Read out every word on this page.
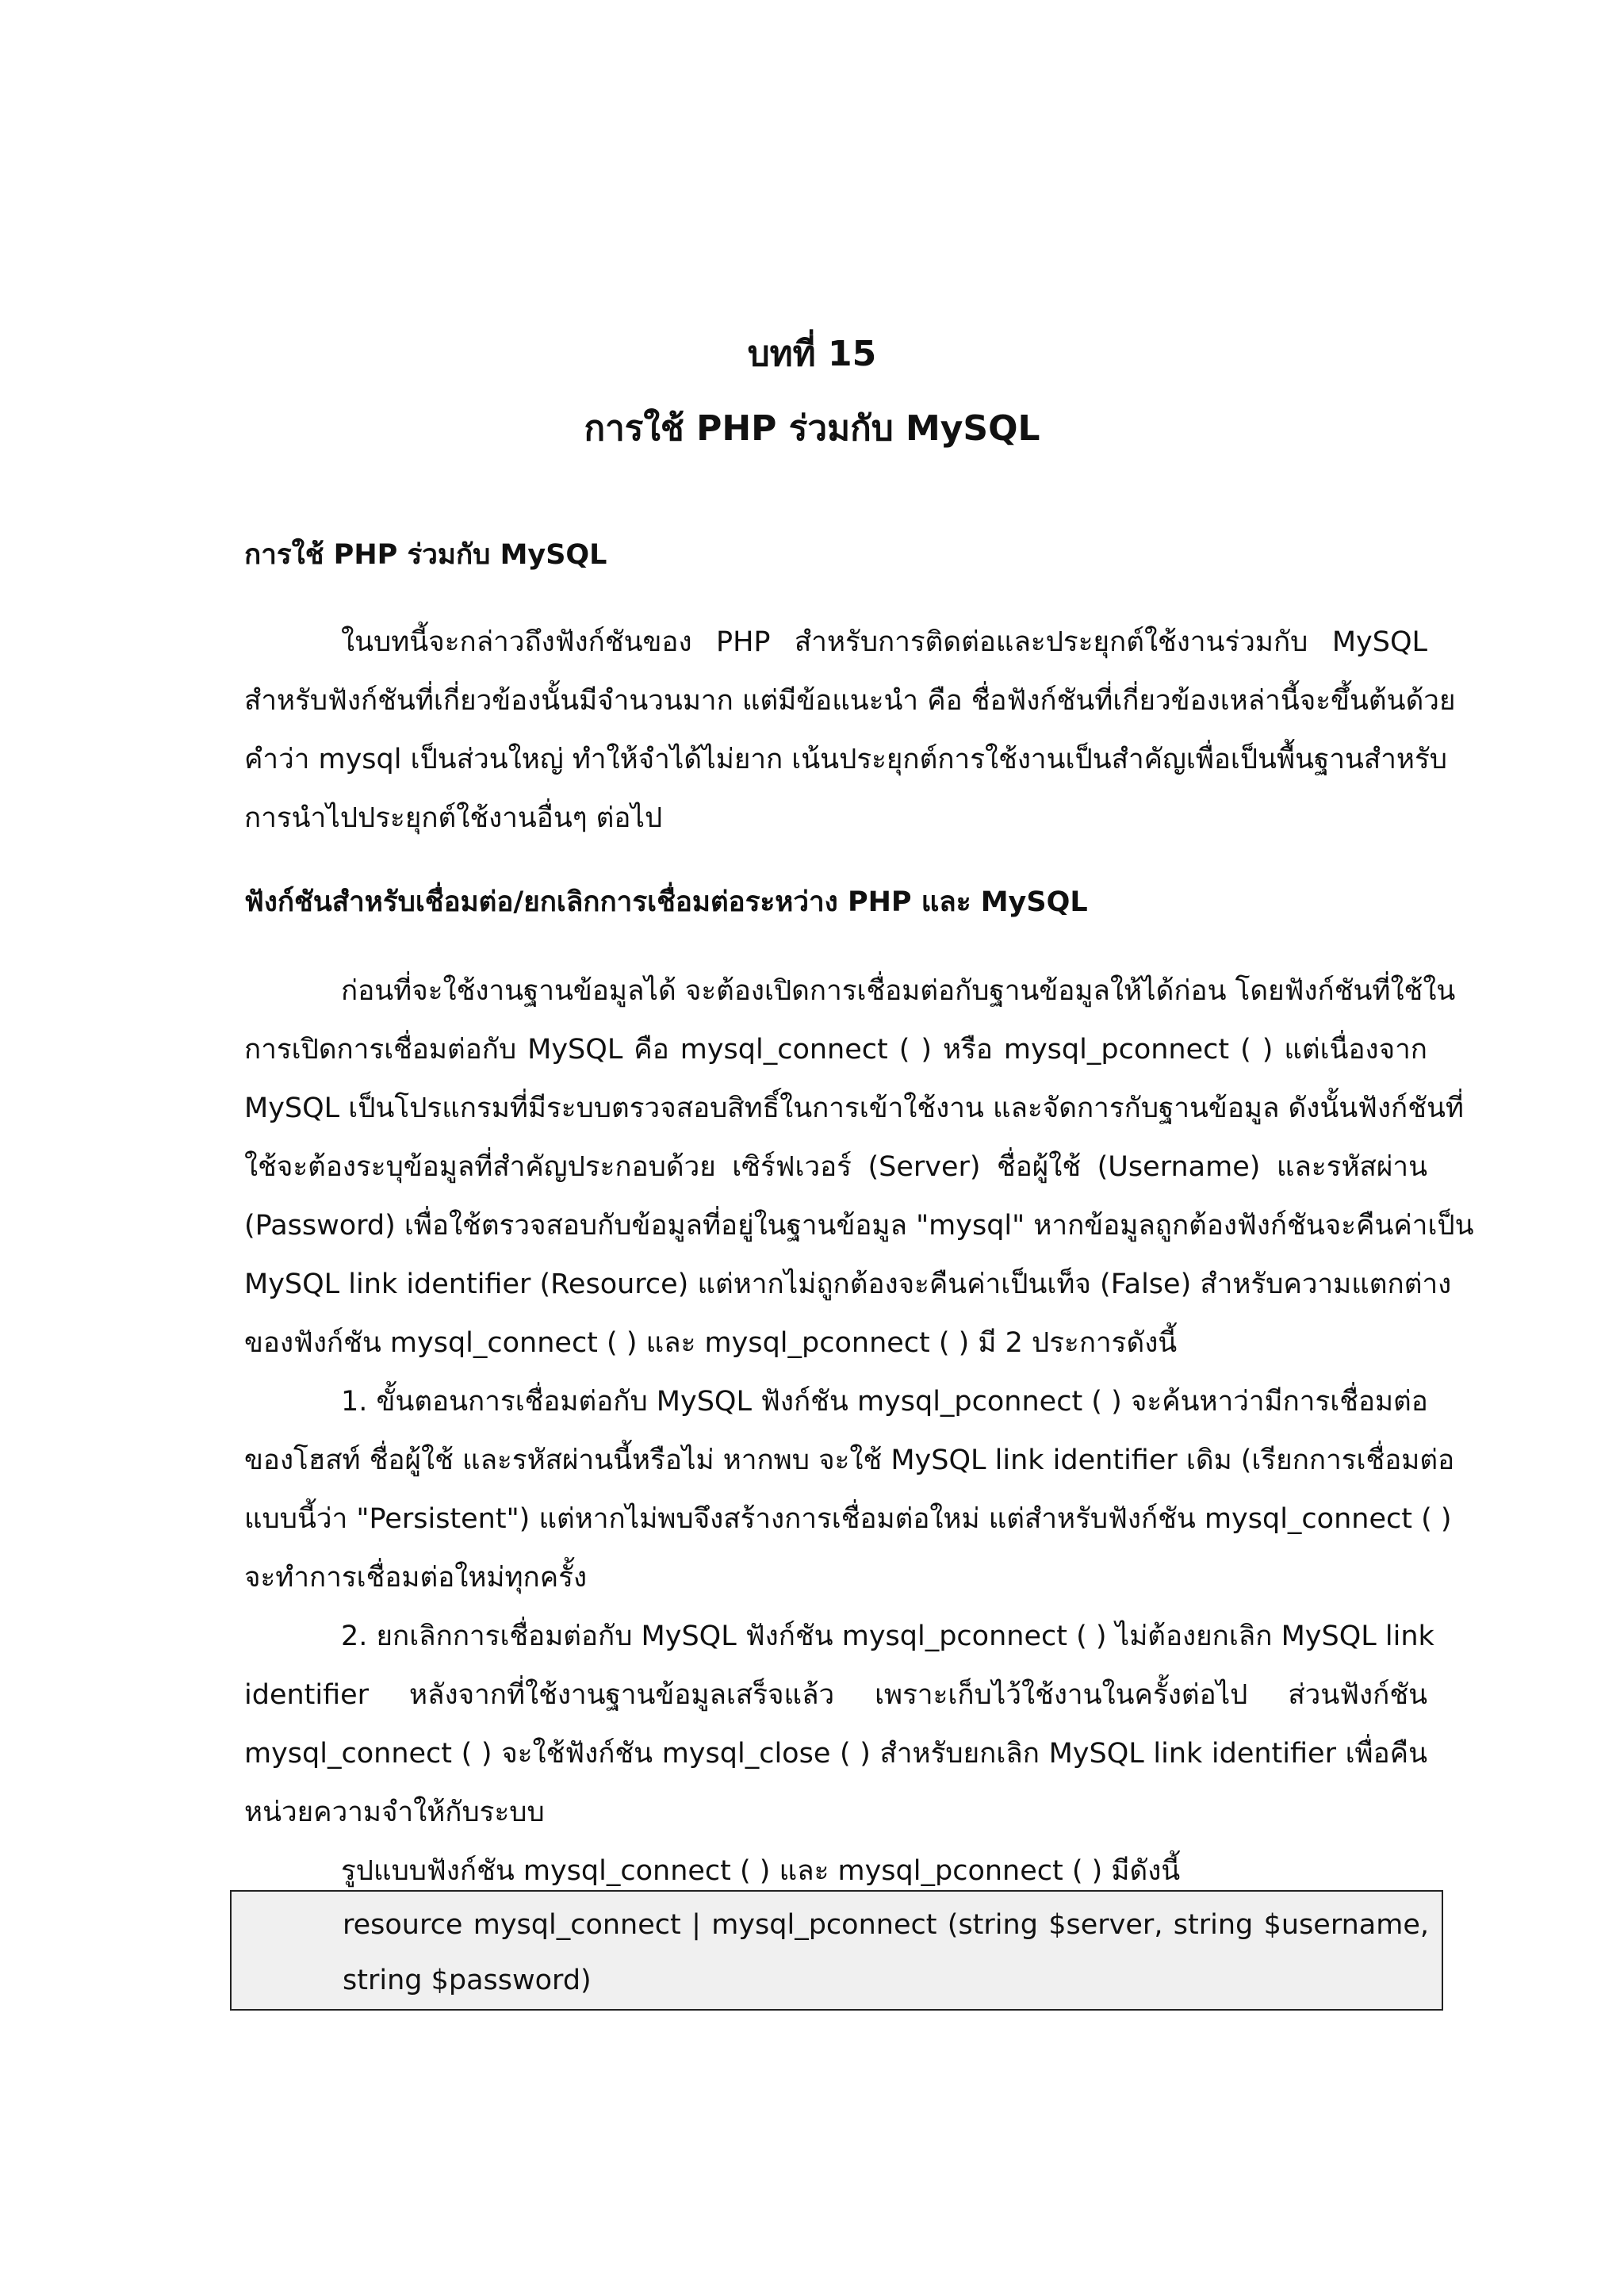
บทที่ 15
การใช้ PHP ร่วมกับ MySQL
การใช้ PHP ร่วมกับ MySQL
ในบทนี้จะกล่าวถึงฟังก์ชันของ PHP สำหรับการติดต่อและประยุกต์ใช้งานร่วมกับ MySQL
สำหรับฟังก์ชันที่เกี่ยวข้องนั้นมีจำนวนมาก แต่มีข้อแนะนำ คือ ชื่อฟังก์ชันที่เกี่ยวข้องเหล่านี้จะขึ้นต้นด้วย
คำว่า mysql เป็นส่วนใหญ่ ทำให้จำได้ไม่ยาก เน้นประยุกต์การใช้งานเป็นสำคัญเพื่อเป็นพื้นฐานสำหรับ
การนำไปประยุกต์ใช้งานอื่นๆ ต่อไป
ฟังก์ชันสำหรับเชื่อมต่อ/ยกเลิกการเชื่อมต่อระหว่าง PHP และ MySQL
ก่อนที่จะใช้งานฐานข้อมูลได้ จะต้องเปิดการเชื่อมต่อกับฐานข้อมูลให้ได้ก่อน โดยฟังก์ชันที่ใช้ใน
การเปิดการเชื่อมต่อกับ MySQL คือ mysql_connect ( ) หรือ mysql_pconnect ( ) แต่เนื่องจาก
MySQL เป็นโปรแกรมที่มีระบบตรวจสอบสิทธิ์ในการเข้าใช้งาน และจัดการกับฐานข้อมูล ดังนั้นฟังก์ชันที่
ใช้จะต้องระบุข้อมูลที่สำคัญประกอบด้วย เซิร์ฟเวอร์ (Server) ชื่อผู้ใช้ (Username) และรหัสผ่าน
(Password) เพื่อใช้ตรวจสอบกับข้อมูลที่อยู่ในฐานข้อมูล "mysql" หากข้อมูลถูกต้องฟังก์ชันจะคืนค่าเป็น
MySQL link identifier (Resource) แต่หากไม่ถูกต้องจะคืนค่าเป็นเท็จ (False) สำหรับความแตกต่าง
ของฟังก์ชัน mysql_connect ( ) และ mysql_pconnect ( ) มี 2 ประการดังนี้
1. ขั้นตอนการเชื่อมต่อกับ MySQL ฟังก์ชัน mysql_pconnect ( ) จะค้นหาว่ามีการเชื่อมต่อ
ของโฮสท์ ชื่อผู้ใช้ และรหัสผ่านนี้หรือไม่ หากพบ จะใช้ MySQL link identifier เดิม (เรียกการเชื่อมต่อ
แบบนี้ว่า "Persistent") แต่หากไม่พบจึงสร้างการเชื่อมต่อใหม่ แต่สำหรับฟังก์ชัน mysql_connect ( )
จะทำการเชื่อมต่อใหม่ทุกครั้ง
2. ยกเลิกการเชื่อมต่อกับ MySQL ฟังก์ชัน mysql_pconnect ( ) ไม่ต้องยกเลิก MySQL link
identifier หลังจากที่ใช้งานฐานข้อมูลเสร็จแล้ว เพราะเก็บไว้ใช้งานในครั้งต่อไป ส่วนฟังก์ชัน
mysql_connect ( ) จะใช้ฟังก์ชัน mysql_close ( ) สำหรับยกเลิก MySQL link identifier เพื่อคืน
หน่วยความจำให้กับระบบ
รูปแบบฟังก์ชัน mysql_connect ( ) และ mysql_pconnect ( ) มีดังนี้
resource mysql_connect | mysql_pconnect (string $server, string $username,
string $password)
